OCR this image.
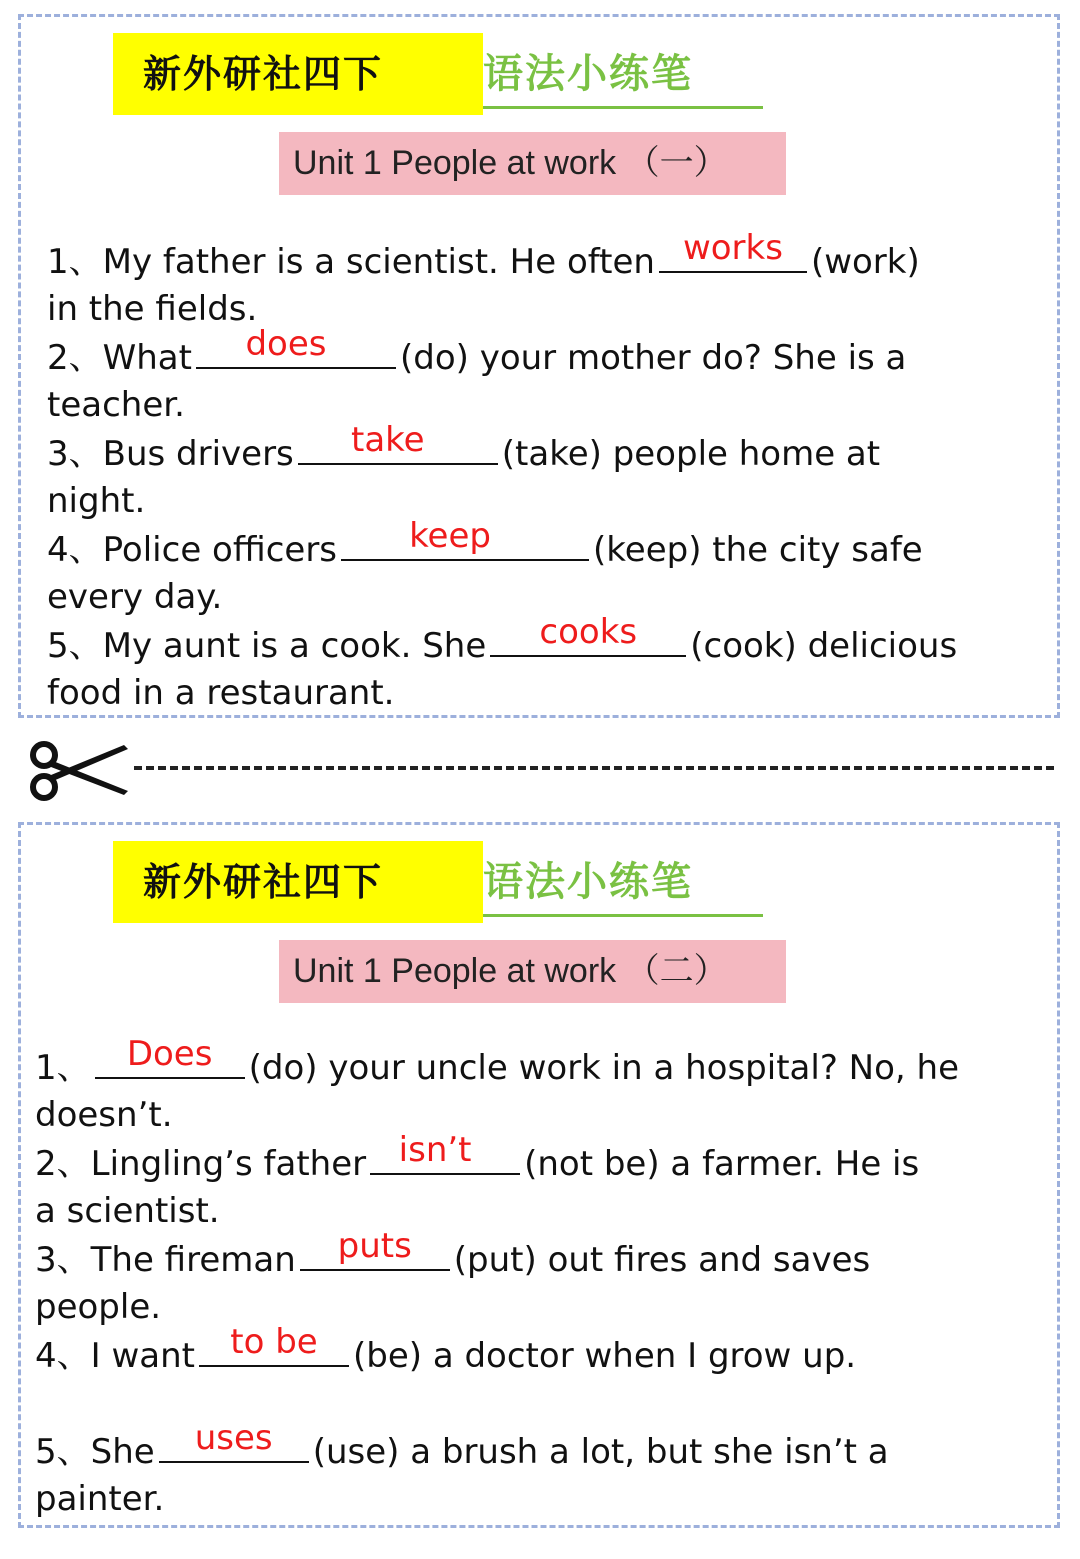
新外研社四下	语法小练笔
Unit 1 People at work （一）
1、My father is a scientist. He often works (work)
in the fields.
2、What	does	(do) your mother do? She is a
teacher.
3、Bus drivers	take	(take) people home at
night.
4、Police officers	keep	(keep) the city safe
every day.
5、My aunt is a cook. She	cooks	(cook) delicious
food in a restaurant.
新外研社四下	语法小练笔
Unit 1 People at work （二）
1、	Does	(do) your uncle work in a hospital? No, he
doesn’t.
2、Lingling’s father isn’t	(not be) a farmer. He is
a scientist.
3、The fireman	puts	(put) out fires and saves
people.
4、I want	to be	(be) a doctor when I grow up.
5、She	uses	(use) a brush a lot, but she isn’t a
painter.
